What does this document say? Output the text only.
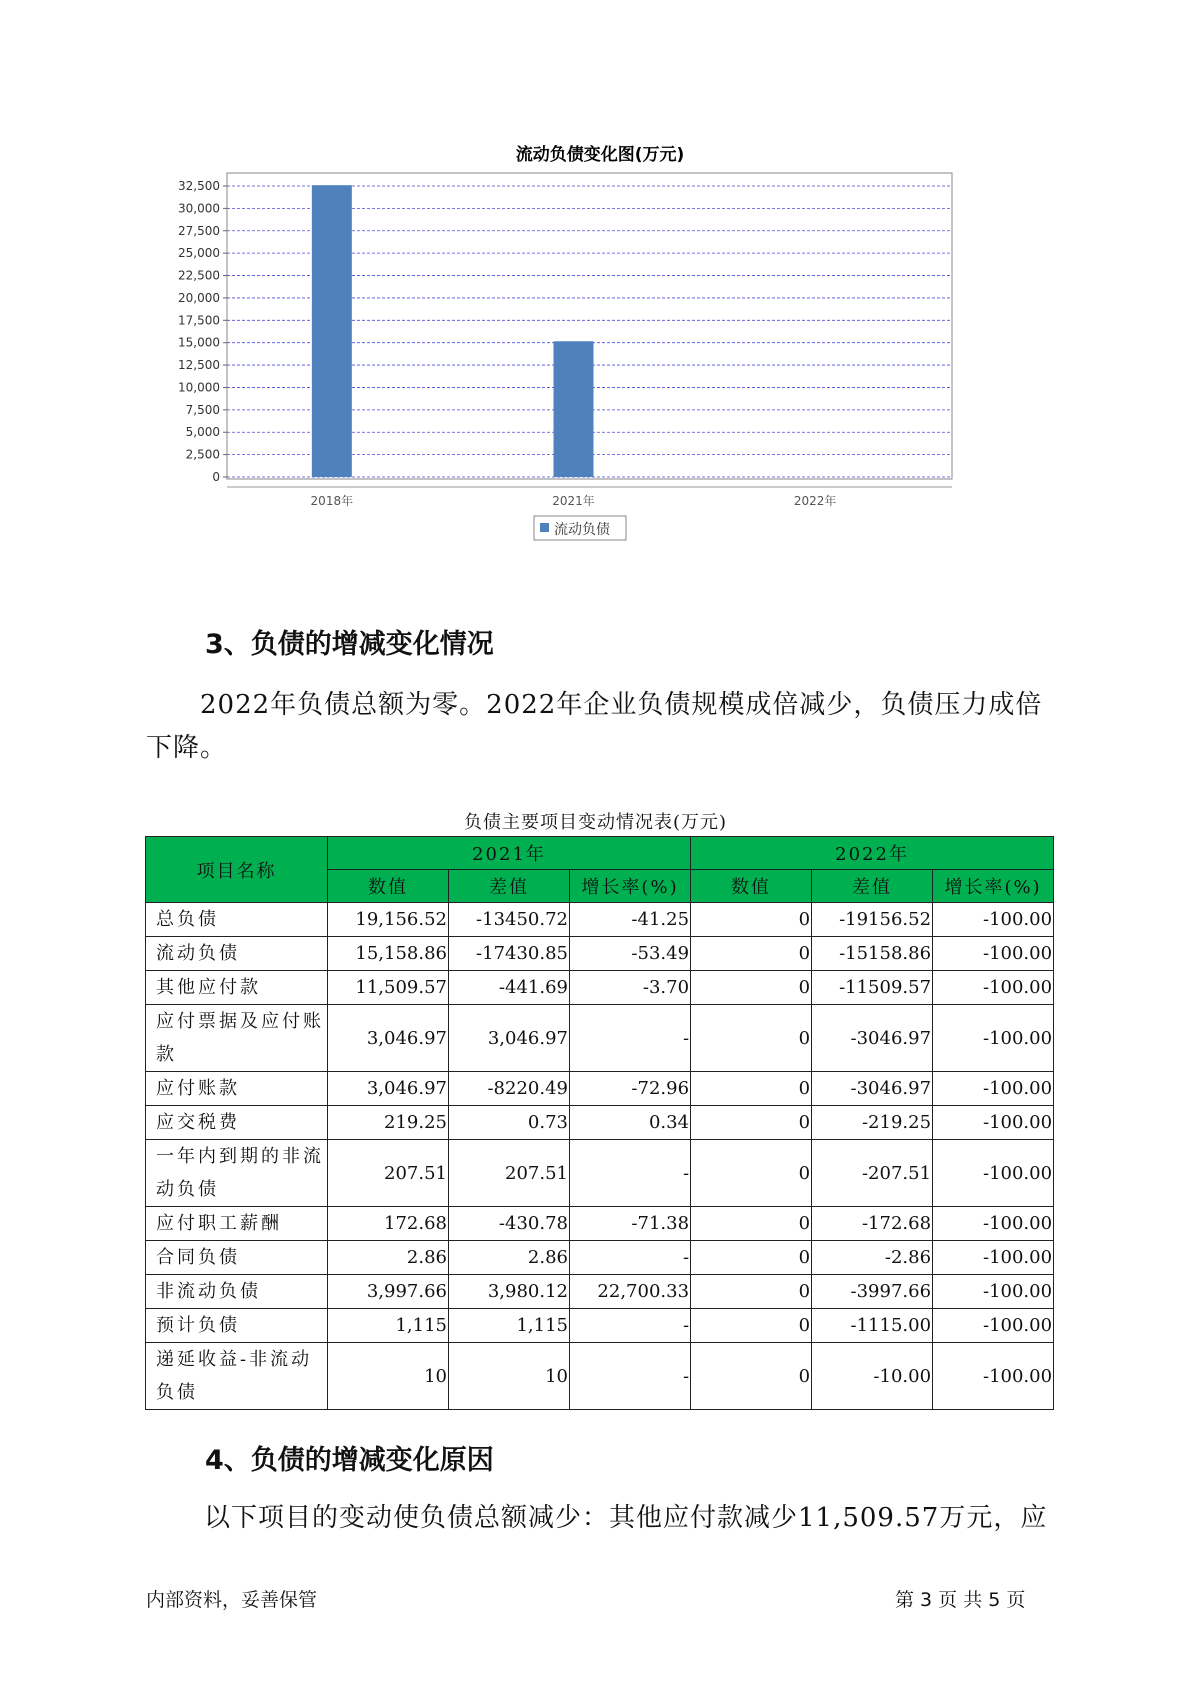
流动负债变化图(万元)
0
2,500
5,000
7,500
10,000
12,500
15,000
17,500
20,000
22,500
25,000
27,500
30,000
32,500
2018年	2021年	2022年
流动负债
3、负债的增减变化情况
2022年负债总额为零。2022年企业负债规模成倍减少，负债压力成倍下降。
负债主要项目变动情况表(万元)
项目名称	2021年			2022年		
	数值	差值	增长率(%)	数值	差值	增长率(%)
总负债	19,156.52	-13450.72	-41.25	0	-19156.52	-100.00
流动负债	15,158.86	-17430.85	-53.49	0	-15158.86	-100.00
其他应付款	11,509.57	-441.69	-3.70	0	-11509.57	-100.00
应付票据及应付账款	3,046.97	3,046.97	-	0	-3046.97	-100.00
应付账款	3,046.97	-8220.49	-72.96	0	-3046.97	-100.00
应交税费	219.25	0.73	0.34	0	-219.25	-100.00
一年内到期的非流动负债	207.51	207.51	-	0	-207.51	-100.00
应付职工薪酬	172.68	-430.78	-71.38	0	-172.68	-100.00
合同负债	2.86	2.86	-	0	-2.86	-100.00
非流动负债	3,997.66	3,980.12	22,700.33	0	-3997.66	-100.00
预计负债	1,115	1,115	-	0	-1115.00	-100.00
递延收益-非流动负债	10	10	-	0	-10.00	-100.00
4、负债的增减变化原因
以下项目的变动使负债总额减少：其他应付款减少11,509.57万元，应
内部资料，妥善保管	第 3 页 共 5 页
